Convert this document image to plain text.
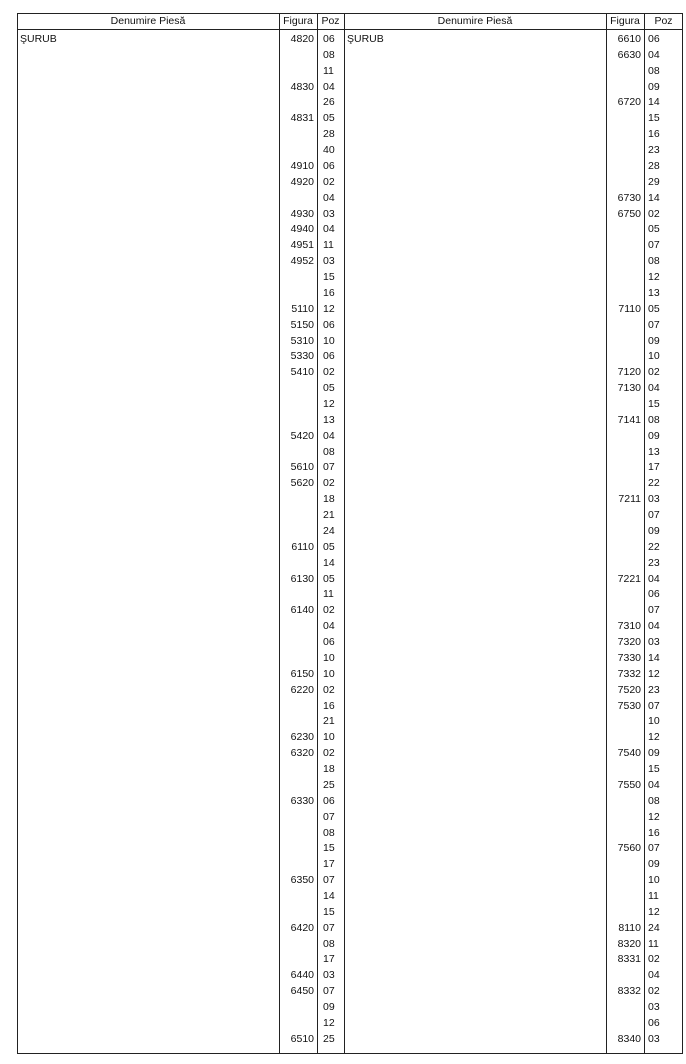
Denumire Piesă	Figura Poz
ŞURUB	4820 06
08
11
4830 04
26
4831 05
28
40
4910 06
4920 02
04
4930 03
4940 04
4951 11
4952 03
15
16
5110 12
5150 06
5310 10
5330 06
5410 02
05
12
13
5420 04
08
5610 07
5620 02
18
21
24
6110 05
14
6130 05
11
6140 02
04
06
10
6150 10
6220 02
16
21
6230 10
6320 02
18
25
6330 06
07
08
15
17
6350 07
14
15
6420 07
08
17
6440 03
6450 07
09
12
6510 25
Denumire Piesă	Figura	Poz
ŞURUB	6610 06
6630 04
08
09
6720 14
15
16
23
28
29
6730 14
6750 02
05
07
08
12
13
7110 05
07
09
10
7120 02
7130 04
15
7141 08
09
13
17
22
7211 03
07
09
22
23
7221 04
06
07
7310 04
7320 03
7330 14
7332 12
7520 23
7530 07
10
12
7540 09
15
7550 04
08
12
16
7560 07
09
10
11
12
8110 24
8320 11
8331 02
04
8332 02
03
06
8340 03
